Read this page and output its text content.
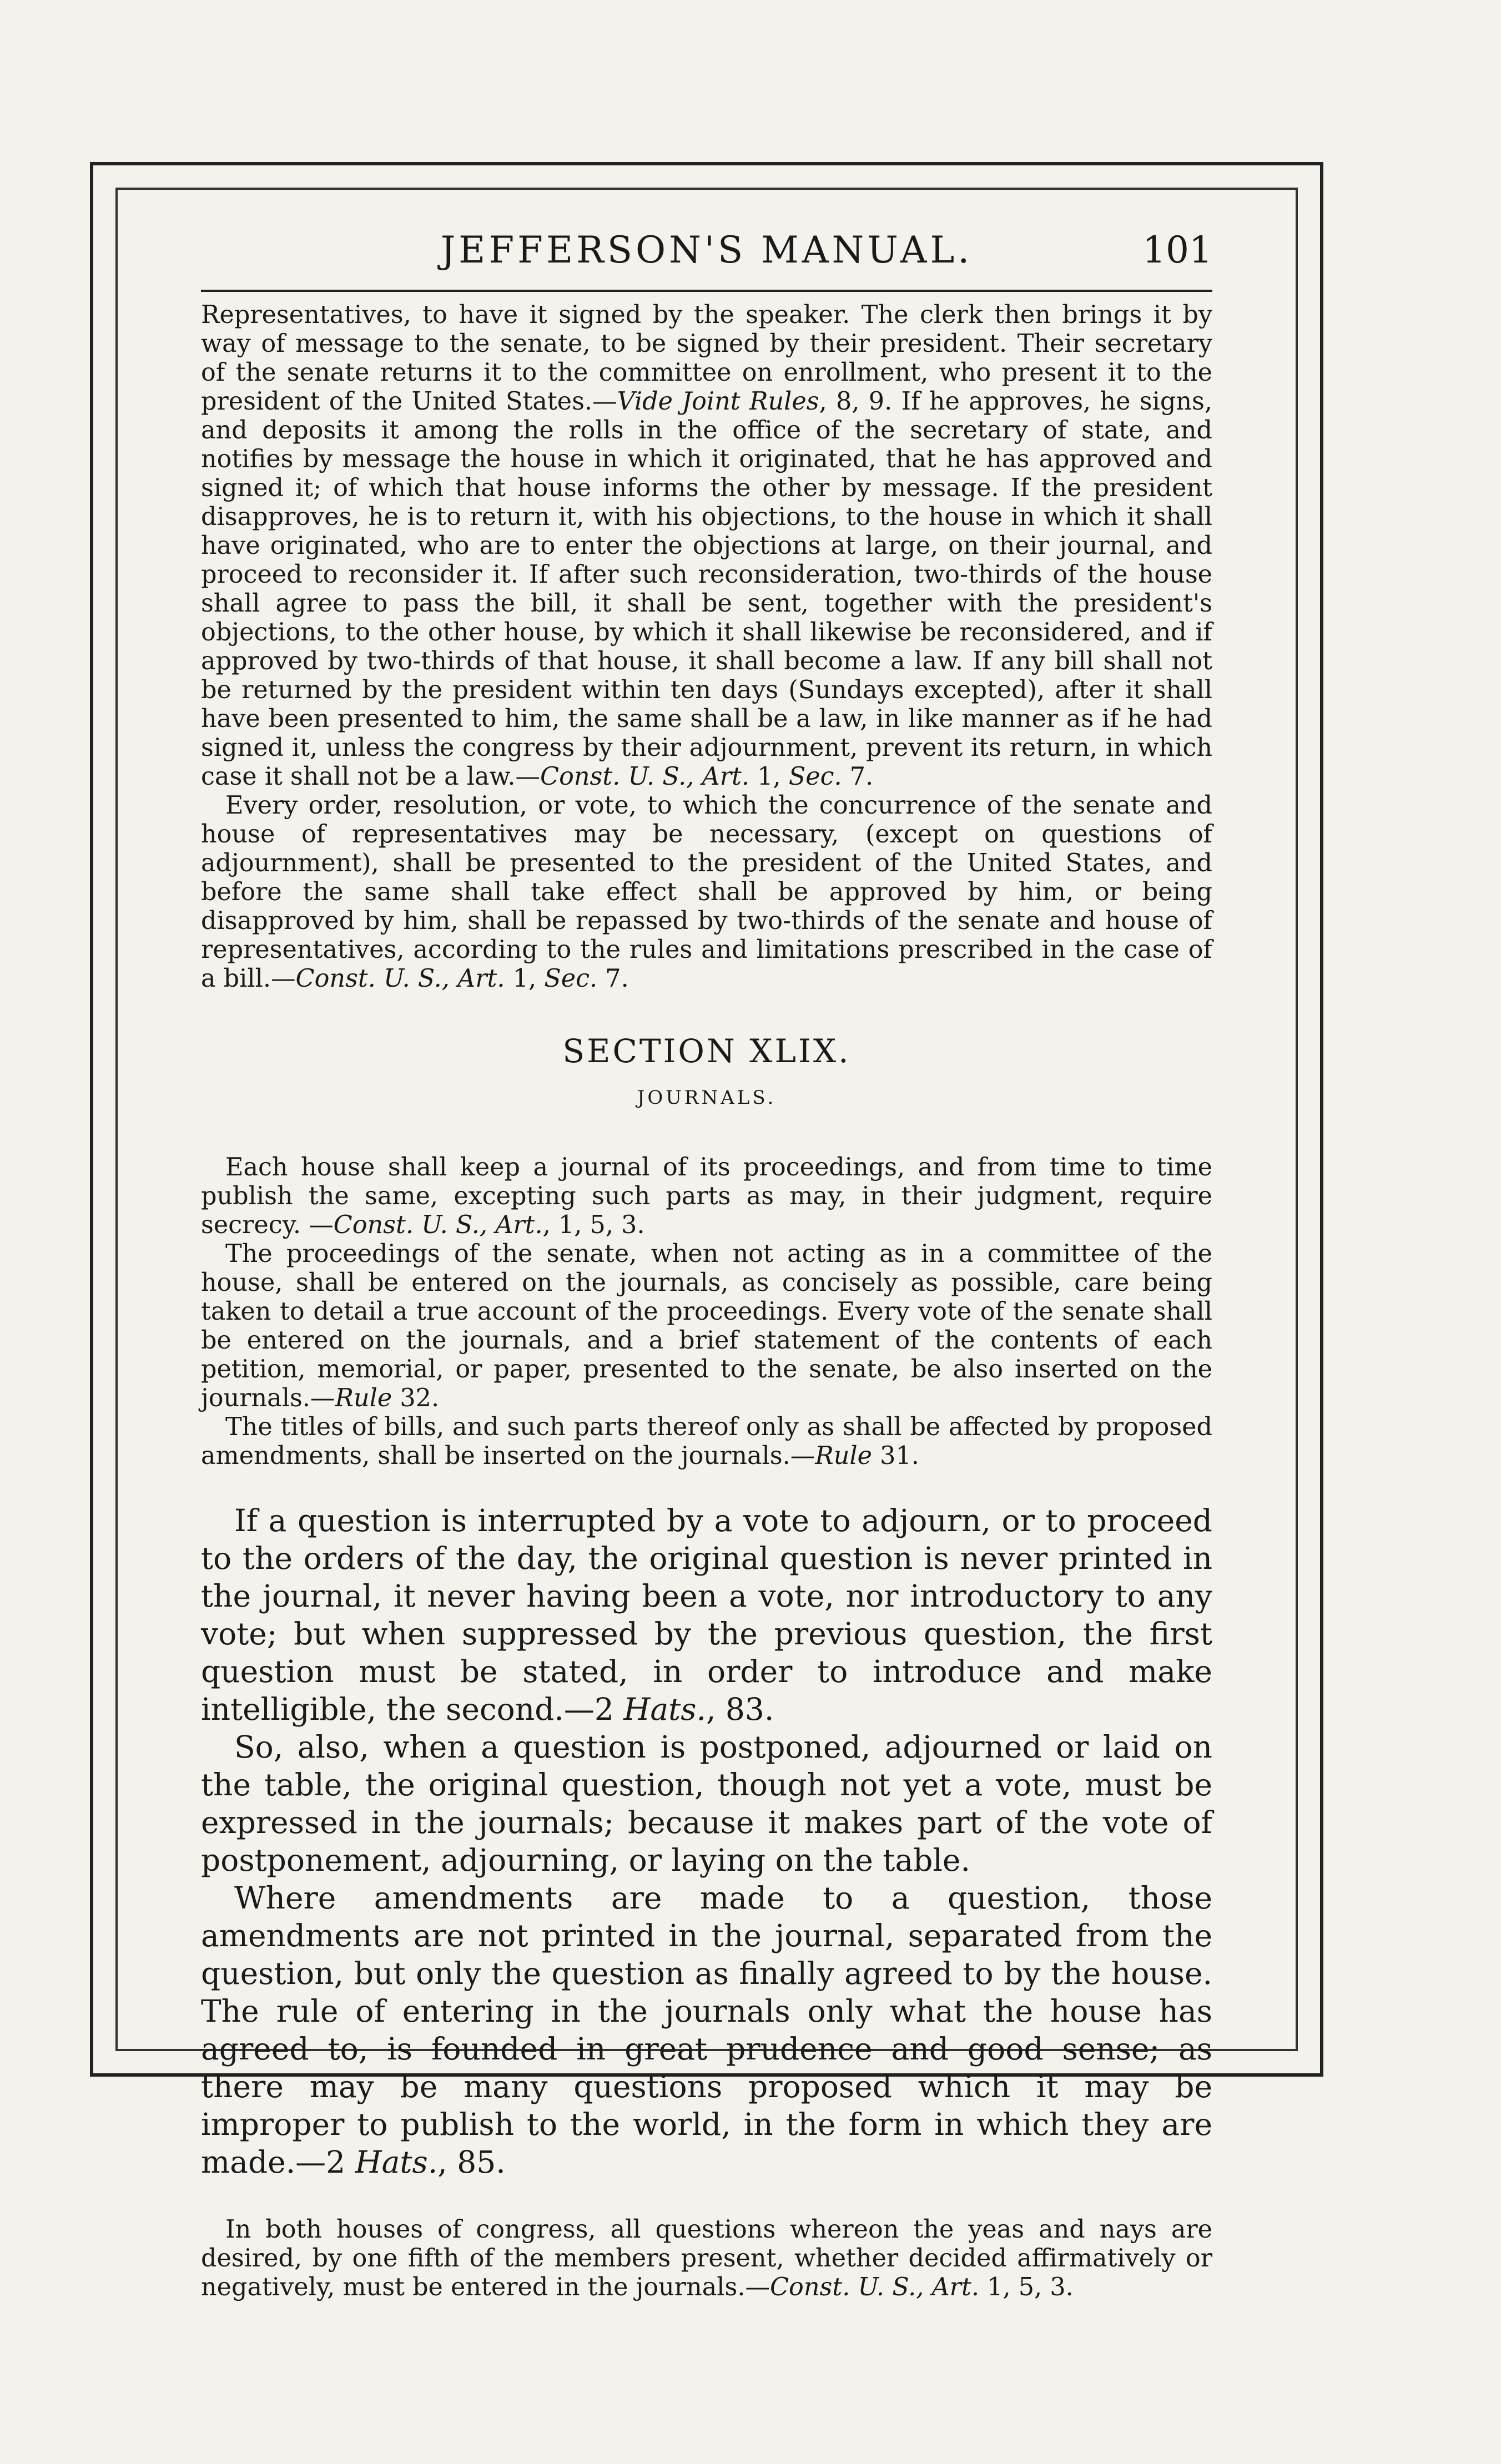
JEFFERSON'S MANUAL.	101

Representatives, to have it signed by the speaker. The clerk then brings it by way of message to the senate, to be signed by their president. Their secretary of the senate returns it to the committee on enrollment, who present it to the president of the United States.—Vide Joint Rules, 8, 9. If he approves, he signs, and deposits it among the rolls in the office of the secretary of state, and notifies by message the house in which it originated, that he has approved and signed it; of which that house informs the other by message. If the president disapproves, he is to return it, with his objections, to the house in which it shall have originated, who are to enter the objections at large, on their journal, and proceed to reconsider it. If after such reconsideration, two-thirds of the house shall agree to pass the bill, it shall be sent, together with the president's objections, to the other house, by which it shall likewise be reconsidered, and if approved by two-thirds of that house, it shall become a law. If any bill shall not be returned by the president within ten days (Sundays excepted), after it shall have been presented to him, the same shall be a law, in like manner as if he had signed it, unless the congress by their adjournment, prevent its return, in which case it shall not be a law.—Const. U. S., Art. 1, Sec. 7.

Every order, resolution, or vote, to which the concurrence of the senate and house of representatives may be necessary, (except on questions of adjournment), shall be presented to the president of the United States, and before the same shall take effect shall be approved by him, or being disapproved by him, shall be repassed by two-thirds of the senate and house of representatives, according to the rules and limitations prescribed in the case of a bill.—Const. U. S., Art. 1, Sec. 7.

SECTION XLIX.
JOURNALS.

Each house shall keep a journal of its proceedings, and from time to time publish the same, excepting such parts as may, in their judgment, require secrecy. —Const. U. S., Art., 1, 5, 3.

The proceedings of the senate, when not acting as in a committee of the house, shall be entered on the journals, as concisely as possible, care being taken to detail a true account of the proceedings. Every vote of the senate shall be entered on the journals, and a brief statement of the contents of each petition, memorial, or paper, presented to the senate, be also inserted on the journals.—Rule 32.

The titles of bills, and such parts thereof only as shall be affected by proposed amendments, shall be inserted on the journals.—Rule 31.

If a question is interrupted by a vote to adjourn, or to proceed to the orders of the day, the original question is never printed in the journal, it never having been a vote, nor introductory to any vote; but when suppressed by the previous question, the first question must be stated, in order to introduce and make intelligible, the second.—2 Hats., 83.

So, also, when a question is postponed, adjourned or laid on the table, the original question, though not yet a vote, must be expressed in the journals; because it makes part of the vote of postponement, adjourning, or laying on the table.

Where amendments are made to a question, those amendments are not printed in the journal, separated from the question, but only the question as finally agreed to by the house. The rule of entering in the journals only what the house has agreed to, is founded in great prudence and good sense; as there may be many questions proposed which it may be improper to publish to the world, in the form in which they are made.—2 Hats., 85.

In both houses of congress, all questions whereon the yeas and nays are desired, by one fifth of the members present, whether decided affirmatively or negatively, must be entered in the journals.—Const. U. S., Art. 1, 5, 3.
